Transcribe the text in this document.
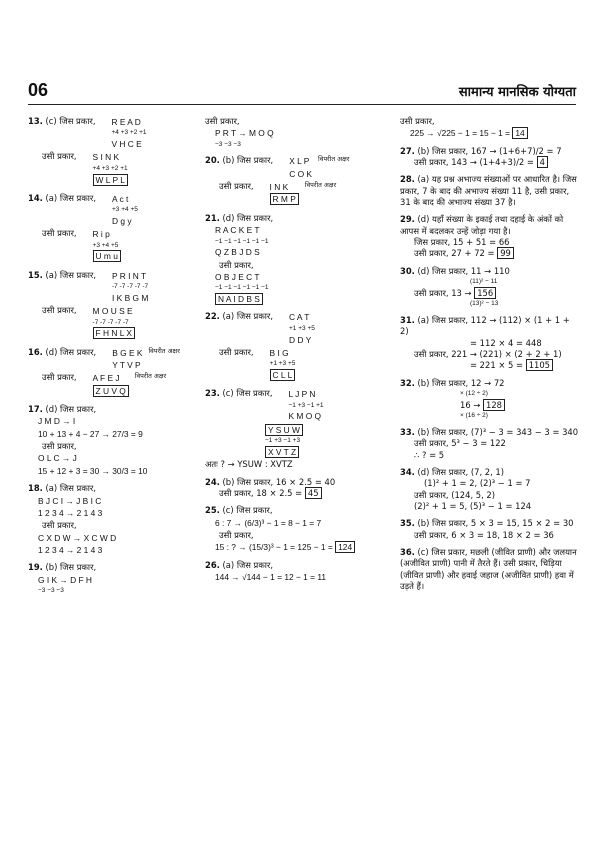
06	सामान्य मानसिक योग्यता
13.
(c) जिस प्रकार, R E A D
+4 +3 +2 +1
V H C E
उसी प्रकार, S I N K
+4 +3 +2 +1
W L P L
14.
(a) जिस प्रकार, A c t
+3 +4 +5
D g y
उसी प्रकार, R i p
+3 +4 +5
U m u
15.
(a) जिस प्रकार, P R I N T
-7 -7 -7 -7 -7
I K B G M
उसी प्रकार, M O U S E
-7 -7 -7 -7 -7
F H N L X
16.
(d) जिस प्रकार, B G E K
Y T V P
विपरीत अक्षर
उसी प्रकार, A F E J
Z U V Q
विपरीत अक्षर
17. (d) जिस प्रकार,
J M D → I
10 + 13 + 4 − 27 → 27/3 = 9
उसी प्रकार,
O L C → J
15 + 12 + 3 = 30 → 30/3 = 10
18. (a) जिस प्रकार,
B J C I → J B I C
1 2 3 4 → 2 1 4 3
उसी प्रकार,
C X D W → X C W D
1 2 3 4 → 2 1 4 3
19. (b) जिस प्रकार,
G I K → D F H
−3 −3 −3
उसी प्रकार,
P R T → M O Q
−3 −3 −3
20.
(b) जिस प्रकार, X L P
C O K
विपरीत अक्षर
उसी प्रकार, I N K
R M P
विपरीत अक्षर
21. (d) जिस प्रकार,
R A C K E T
−1 −1 −1 −1 −1 −1
Q Z B J D S
उसी प्रकार,
O B J E C T
−1 −1 −1 −1 −1 −1
N A I D B S
22.
(a) जिस प्रकार, C A T
+1 +3 +5
D D Y
उसी प्रकार, B I G
+1 +3 +5
C L L
23.
(c) जिस प्रकार, L J P N
−1 +3 −1 +1
K M O Q
Y S U W
−1 +3 −1 +3
X V T Z
अतः ? → YSUW : XVTZ
24. (b) जिस प्रकार, 16 × 2.5 = 40
उसी प्रकार, 18 × 2.5 = 45
25. (c) जिस प्रकार,
6 : 7 → (6/3)³ − 1 = 8 − 1 = 7
उसी प्रकार,
15 : ? → (15/3)³ − 1 = 125 − 1 = 124
26. (a) जिस प्रकार,
144 → √144 − 1 = 12 − 1 = 11
उसी प्रकार,
225 → √225 − 1 = 15 − 1 = 14
27. (b) जिस प्रकार, 167 → (1+6+7)/2 = 7
उसी प्रकार, 143 → (1+4+3)/2 = 4
28. (a) यह प्रश्न अभाज्य संख्याओं पर आधारित है। जिस प्रकार, 7 के बाद की अभाज्य संख्या 11 है, उसी प्रकार, 31 के बाद की अभाज्य संख्या 37 है।
29. (d) यहाँ संख्या के इकाई तथा दहाई के अंकों को आपस में बदलकर उन्हें जोड़ा गया है।
जिस प्रकार, 15 + 51 = 66
उसी प्रकार, 27 + 72 = 99
30. (d) जिस प्रकार, 11 → 110
(11)² − 11
उसी प्रकार, 13 → 156
(13)² − 13
31. (a) जिस प्रकार, 112 → (112) × (1 + 1 + 2)
= 112 × 4 = 448
उसी प्रकार, 221 → (221) × (2 + 2 + 1)
= 221 × 5 = 1105
32. (b) जिस प्रकार, 12 → 72
× (12 ÷ 2)
16 → 128
× (16 ÷ 2)
33. (b) जिस प्रकार, (7)³ − 3 = 343 − 3 = 340
उसी प्रकार, 5³ − 3 = 122
∴ ? = 5
34. (d) जिस प्रकार, (7, 2, 1)
(1)² + 1 = 2, (2)³ − 1 = 7
उसी प्रकार, (124, 5, 2)
(2)² + 1 = 5, (5)³ − 1 = 124
35. (b) जिस प्रकार, 5 × 3 = 15, 15 × 2 = 30
उसी प्रकार, 6 × 3 = 18, 18 × 2 = 36
36. (c) जिस प्रकार, मछली (जीवित प्राणी) और जलयान (अजीवित प्राणी) पानी में तैरते हैं। उसी प्रकार, चिड़िया (जीवित प्राणी) और हवाई जहाज (अजीवित प्राणी) हवा में उड़ते हैं।
